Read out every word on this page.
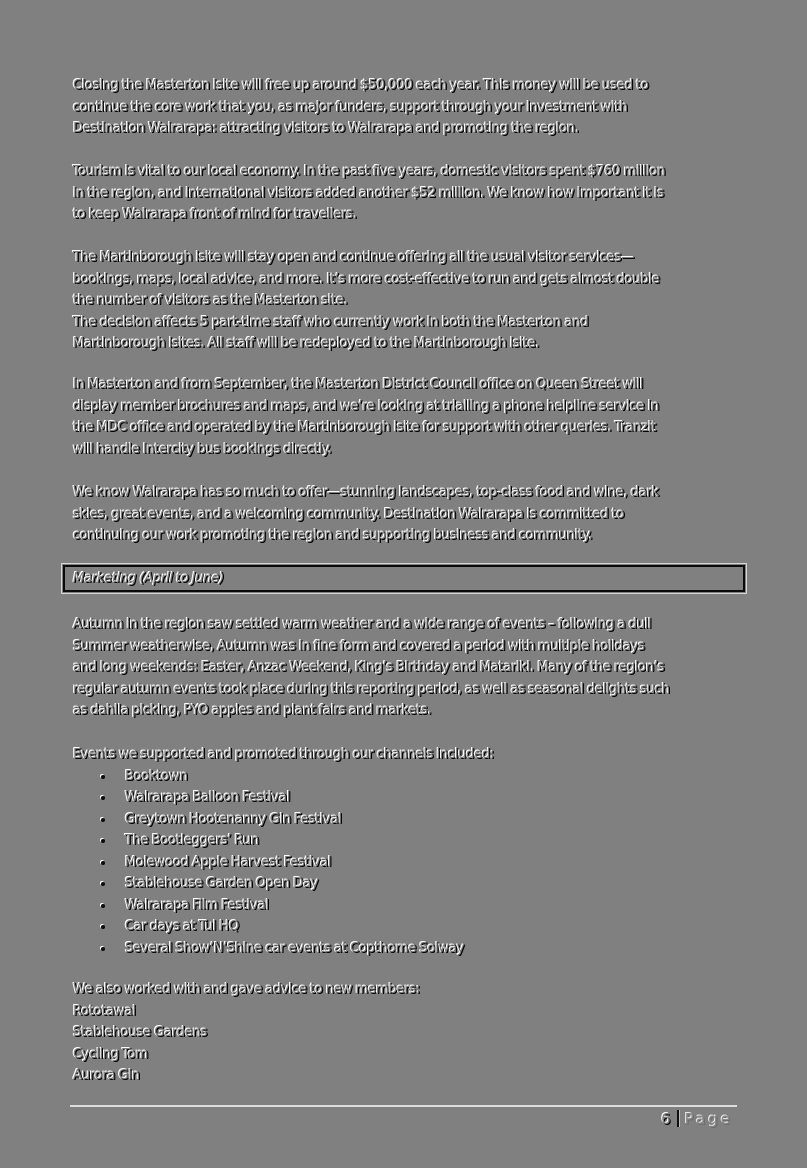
Closing the Masterton isite will free up around $50,000 each year. This money will be used to
continue the core work that you, as major funders, support through your investment with
Destination Wairarapa: attracting visitors to Wairarapa and promoting the region.

Tourism is vital to our local economy. In the past five years, domestic visitors spent $760 million
in the region, and international visitors added another $52 million. We know how important it is
to keep Wairarapa front of mind for travellers.

The Martinborough isite will stay open and continue offering all the usual visitor services—
bookings, maps, local advice, and more. It’s more cost-effective to run and gets almost double
the number of visitors as the Masterton site.
The decision affects 5 part-time staff who currently work in both the Masterton and
Martinborough isites. All staff will be redeployed to the Martinborough isite.

In Masterton and from September, the Masterton District Council office on Queen Street will
display member brochures and maps, and we’re looking at trialling a phone helpline service in
the MDC office and operated by the Martinborough isite for support with other queries. Tranzit
will handle Intercity bus bookings directly.

We know Wairarapa has so much to offer—stunning landscapes, top-class food and wine, dark
skies, great events, and a welcoming community. Destination Wairarapa is committed to
continuing our work promoting the region and supporting business and community.

Marketing (April to June)

Autumn in the region saw settled warm weather and a wide range of events – following a dull
Summer weatherwise, Autumn was in fine form and covered a period with multiple holidays
and long weekends: Easter, Anzac Weekend, King’s Birthday and Matariki. Many of the region’s
regular autumn events took place during this reporting period, as well as seasonal delights such
as dahlia picking, PYO apples and plant fairs and markets.

Events we supported and promoted through our channels included:
Booktown
Wairarapa Balloon Festival
Greytown Hootenanny Gin Festival
The Bootleggers’ Run
Molewood Apple Harvest Festival
Stablehouse Garden Open Day
Wairarapa Film Festival
Car days at Tui HQ
Several Show’N’Shine car events at Copthorne Solway
We also worked with and gave advice to new members:
Rototawai
Stablehouse Gardens
Cycling Tom
Aurora Gin
6 Page
